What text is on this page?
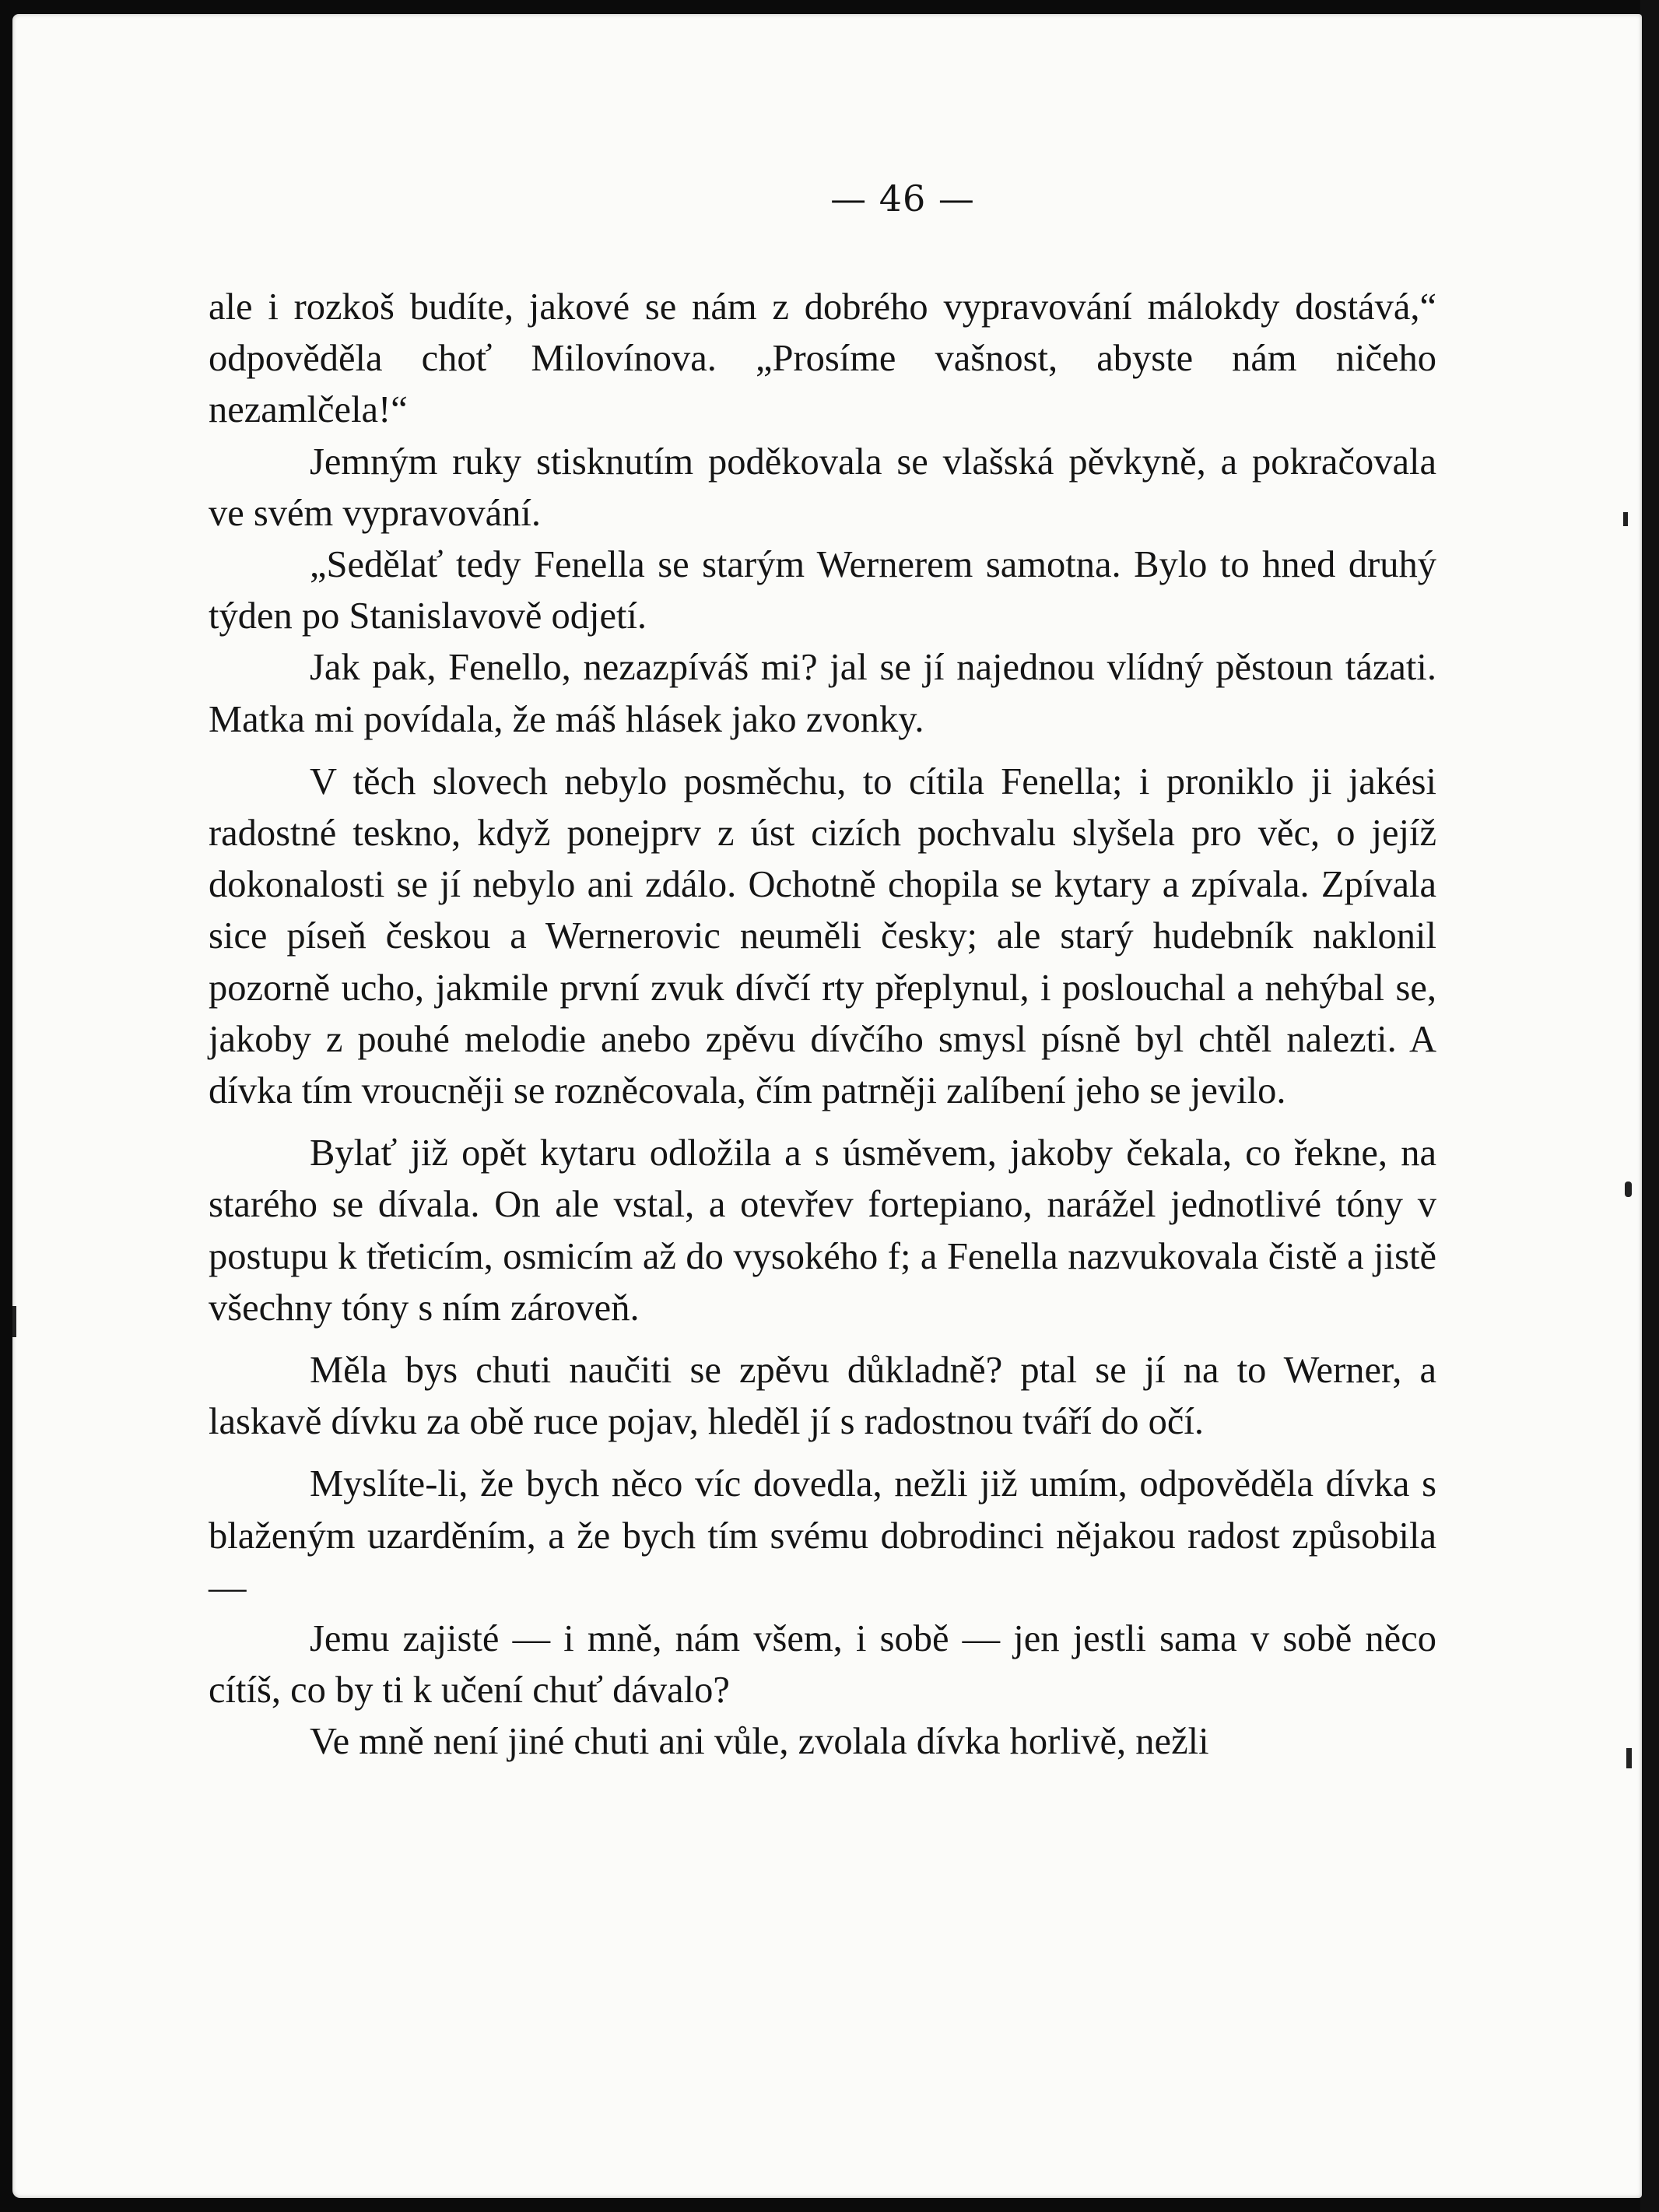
— 46 —

ale i rozkoš budíte, jakové se nám z dobrého vypravování málokdy dostává,“ odpověděla choť Milovínova. „Prosíme vašnost, abyste nám ničeho nezamlčela!“

Jemným ruky stisknutím poděkovala se vlašská pěvkyně, a pokračovala ve svém vypravování.

„Sedělať tedy Fenella se starým Wernerem samotna. Bylo to hned druhý týden po Stanislavově odjetí.

Jak pak, Fenello, nezazpíváš mi? jal se jí najednou vlídný pěstoun tázati. Matka mi povídala, že máš hlásek jako zvonky.

V těch slovech nebylo posměchu, to cítila Fenella; i proniklo ji jakési radostné teskno, když ponejprv z úst cizích pochvalu slyšela pro věc, o jejíž dokonalosti se jí nebylo ani zdálo. Ochotně chopila se kytary a zpívala. Zpívala sice píseň českou a Wernerovic neuměli česky; ale starý hudebník naklonil pozorně ucho, jakmile první zvuk dívčí rty přeplynul, i poslouchal a nehýbal se, jakoby z pouhé melodie anebo zpěvu dívčího smysl písně byl chtěl nalezti. A dívka tím vroucněji se rozněcovala, čím patrněji zalíbení jeho se jevilo.

Bylať již opět kytaru odložila a s úsměvem, jakoby čekala, co řekne, na starého se dívala. On ale vstal, a otevřev fortepiano, narážel jednotlivé tóny v postupu k třeticím, osmicím až do vysokého f; a Fenella nazvukovala čistě a jistě všechny tóny s ním zároveň.

Měla bys chuti naučiti se zpěvu důkladně? ptal se jí na to Werner, a laskavě dívku za obě ruce pojav, hleděl jí s radostnou tváří do očí.

Myslíte-li, že bych něco víc dovedla, nežli již umím, odpověděla dívka s blaženým uzarděním, a že bych tím svému dobrodinci nějakou radost způsobila —

Jemu zajisté — i mně, nám všem, i sobě — jen jestli sama v sobě něco cítíš, co by ti k učení chuť dávalo?

Ve mně není jiné chuti ani vůle, zvolala dívka horlivě, nežli
